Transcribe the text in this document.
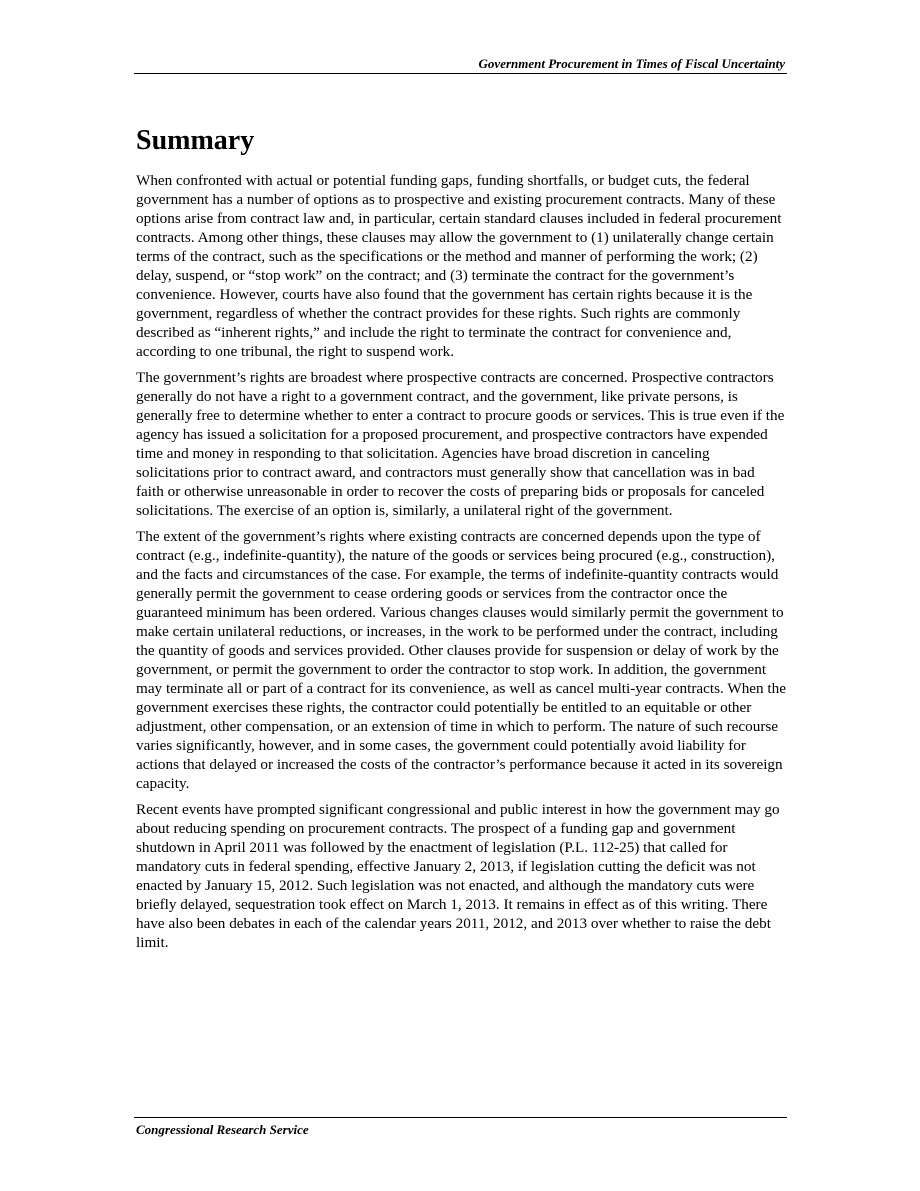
Government Procurement in Times of Fiscal Uncertainty
Summary

When confronted with actual or potential funding gaps, funding shortfalls, or budget cuts, the federal government has a number of options as to prospective and existing procurement contracts. Many of these options arise from contract law and, in particular, certain standard clauses included in federal procurement contracts. Among other things, these clauses may allow the government to (1) unilaterally change certain terms of the contract, such as the specifications or the method and manner of performing the work; (2) delay, suspend, or “stop work” on the contract; and (3) terminate the contract for the government’s convenience. However, courts have also found that the government has certain rights because it is the government, regardless of whether the contract provides for these rights. Such rights are commonly described as “inherent rights,” and include the right to terminate the contract for convenience and, according to one tribunal, the right to suspend work.

The government’s rights are broadest where prospective contracts are concerned. Prospective contractors generally do not have a right to a government contract, and the government, like private persons, is generally free to determine whether to enter a contract to procure goods or services. This is true even if the agency has issued a solicitation for a proposed procurement, and prospective contractors have expended time and money in responding to that solicitation. Agencies have broad discretion in canceling solicitations prior to contract award, and contractors must generally show that cancellation was in bad faith or otherwise unreasonable in order to recover the costs of preparing bids or proposals for canceled solicitations. The exercise of an option is, similarly, a unilateral right of the government.

The extent of the government’s rights where existing contracts are concerned depends upon the type of contract (e.g., indefinite-quantity), the nature of the goods or services being procured (e.g., construction), and the facts and circumstances of the case. For example, the terms of indefinite-quantity contracts would generally permit the government to cease ordering goods or services from the contractor once the guaranteed minimum has been ordered. Various changes clauses would similarly permit the government to make certain unilateral reductions, or increases, in the work to be performed under the contract, including the quantity of goods and services provided. Other clauses provide for suspension or delay of work by the government, or permit the government to order the contractor to stop work. In addition, the government may terminate all or part of a contract for its convenience, as well as cancel multi-year contracts. When the government exercises these rights, the contractor could potentially be entitled to an equitable or other adjustment, other compensation, or an extension of time in which to perform. The nature of such recourse varies significantly, however, and in some cases, the government could potentially avoid liability for actions that delayed or increased the costs of the contractor’s performance because it acted in its sovereign capacity.

Recent events have prompted significant congressional and public interest in how the government may go about reducing spending on procurement contracts. The prospect of a funding gap and government shutdown in April 2011 was followed by the enactment of legislation (P.L. 112-25) that called for mandatory cuts in federal spending, effective January 2, 2013, if legislation cutting the deficit was not enacted by January 15, 2012. Such legislation was not enacted, and although the mandatory cuts were briefly delayed, sequestration took effect on March 1, 2013. It remains in effect as of this writing. There have also been debates in each of the calendar years 2011, 2012, and 2013 over whether to raise the debt limit.

Congressional Research Service
